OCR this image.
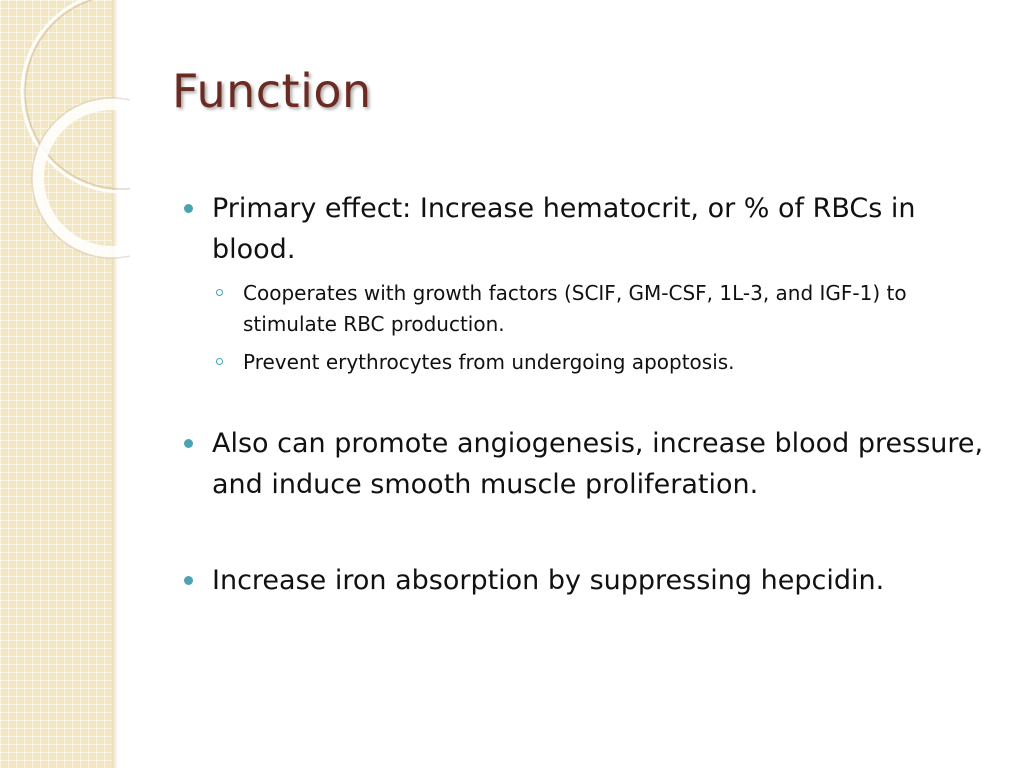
Function
Primary effect: Increase hematocrit, or % of RBCs in blood.
Cooperates with growth factors (SCIF, GM-CSF, 1L-3, and IGF-1) to stimulate RBC production.
Prevent erythrocytes from undergoing apoptosis.
Also can promote angiogenesis, increase blood pressure, and induce smooth muscle proliferation.
Increase iron absorption by suppressing hepcidin.
